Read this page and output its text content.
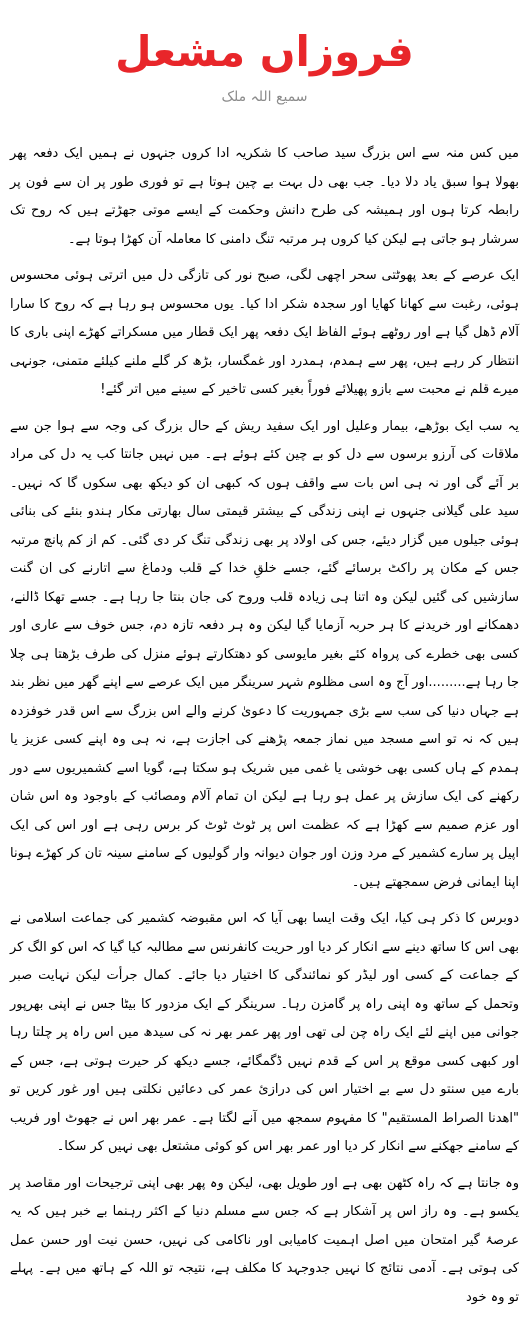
فروزاں مشعل
سمیع اللہ ملک

میں کس منہ سے اس بزرگ سید صاحب کا شکریہ ادا کروں جنہوں نے ہمیں ایک دفعہ پھر بھولا ہوا سبق یاد دلا دیا۔ جب بھی دل بہت بے چین ہوتا ہے تو فوری طور پر ان سے فون پر رابطہ کرتا ہوں اور ہمیشہ کی طرح دانش وحکمت کے ایسے موتی جھڑتے ہیں کہ روح تک سرشار ہو جاتی ہے لیکن کیا کروں ہر مرتبہ تنگ دامنی کا معاملہ آن کھڑا ہوتا ہے۔

ایک عرصے کے بعد پھوٹتی سحر اچھی لگی، صبح نور کی تازگی دل میں اترتی ہوئی محسوس ہوئی، رغبت سے کھانا کھایا اور سجدہ شکر ادا کیا۔ یوں محسوس ہو رہا ہے کہ روح کا سارا آلام ڈھل گیا ہے اور روٹھے ہوئے الفاظ ایک دفعہ پھر ایک قطار میں مسکراتے کھڑے اپنی باری کا انتظار کر رہے ہیں، پھر سے ہمدم، ہمدرد اور غمگسار، بڑھ کر گلے ملنے کیلئے متمنی، جونہی میرے قلم نے محبت سے بازو پھیلائے فوراً بغیر کسی تاخیر کے سینے میں اتر گئے!

یہ سب ایک بوڑھے، بیمار وعلیل اور ایک سفید ریش کے حال بزرگ کی وجہ سے ہوا جن سے ملاقات کی آرزو برسوں سے دل کو بے چین کئے ہوئے ہے۔ میں نہیں جانتا کب یہ دل کی مراد بر آئے گی اور نہ ہی اس بات سے واقف ہوں کہ کبھی ان کو دیکھ بھی سکوں گا کہ نہیں۔ سید علی گیلانی جنہوں نے اپنی زندگی کے بیشتر قیمتی سال بھارتی مکار ہندو بنئے کی بنائی ہوئی جیلوں میں گزار دیئے، جس کی اولاد پر بھی زندگی تنگ کر دی گئی۔ کم از کم پانچ مرتبہ جس کے مکان پر راکٹ برسائے گئے، جسے خلقِ خدا کے قلب ودماغ سے اتارنے کی ان گنت سازشیں کی گئیں لیکن وہ اتنا ہی زیادہ قلب وروح کی جان بنتا جا رہا ہے۔ جسے تھکا ڈالنے، دھمکانے اور خریدنے کا ہر حربہ آزمایا گیا لیکن وہ ہر دفعہ تازہ دم، جس خوف سے عاری اور کسی بھی خطرے کی پرواہ کئے بغیر مایوسی کو دھتکارتے ہوئے منزل کی طرف بڑھتا ہی چلا جا رہا ہے.........اور آج وہ اسی مظلوم شہر سرینگر میں ایک عرصے سے اپنے گھر میں نظر بند ہے جہاں دنیا کی سب سے بڑی جمہوریت کا دعویٰ کرنے والے اس بزرگ سے اس قدر خوفزدہ ہیں کہ نہ تو اسے مسجد میں نماز جمعہ پڑھنے کی اجازت ہے، نہ ہی وہ اپنے کسی عزیز یا ہمدم کے ہاں کسی بھی خوشی یا غمی میں شریک ہو سکتا ہے، گویا اسے کشمیریوں سے دور رکھنے کی ایک سازش پر عمل ہو رہا ہے لیکن ان تمام آلام ومصائب کے باوجود وہ اس شان اور عزم صمیم سے کھڑا ہے کہ عظمت اس پر ٹوٹ ٹوٹ کر برس رہی ہے اور اس کی ایک اپیل پر سارے کشمیر کے مرد وزن اور جوان دیوانہ وار گولیوں کے سامنے سینہ تان کر کھڑے ہونا اپنا ایمانی فرض سمجھتے ہیں۔

دوبرس کا ذکر ہی کیا، ایک وقت ایسا بھی آیا کہ اس مقبوضہ کشمیر کی جماعت اسلامی نے بھی اس کا ساتھ دینے سے انکار کر دیا اور حریت کانفرنس سے مطالبہ کیا گیا کہ اس کو الگ کر کے جماعت کے کسی اور لیڈر کو نمائندگی کا اختیار دیا جائے۔ کمال جرأت لیکن نہایت صبر وتحمل کے ساتھ وہ اپنی راہ پر گامزن رہا۔ سرینگر کے ایک مزدور کا بیٹا جس نے اپنی بھرپور جوانی میں اپنے لئے ایک راہ چن لی تھی اور پھر عمر بھر نہ کی سیدھ میں اس راہ پر چلتا رہا اور کبھی کسی موقع پر اس کے قدم نہیں ڈگمگائے، جسے دیکھ کر حیرت ہوتی ہے، جس کے بارے میں سنتو دل سے بے اختیار اس کی درازیٔ عمر کی دعائیں نکلتی ہیں اور غور کریں تو "اھدنا الصراط المستقیم" کا مفہوم سمجھ میں آنے لگتا ہے۔ عمر بھر اس نے جھوٹ اور فریب کے سامنے جھکنے سے انکار کر دیا اور عمر بھر اس کو کوئی مشتعل بھی نہیں کر سکا۔

وہ جانتا ہے کہ راہ کٹھن بھی ہے اور طویل بھی، لیکن وہ پھر بھی اپنی ترجیحات اور مقاصد پر یکسو ہے۔ وہ راز اس پر آشکار ہے کہ جس سے مسلم دنیا کے اکثر رہنما بے خبر ہیں کہ یہ عرصۂ گیر امتحان میں اصل اہمیت کامیابی اور ناکامی کی نہیں، حسن نیت اور حسن عمل کی ہوتی ہے۔ آدمی نتائج کا نہیں جدوجہد کا مکلف ہے، نتیجہ تو اللہ کے ہاتھ میں ہے۔ پہلے تو وہ خود
